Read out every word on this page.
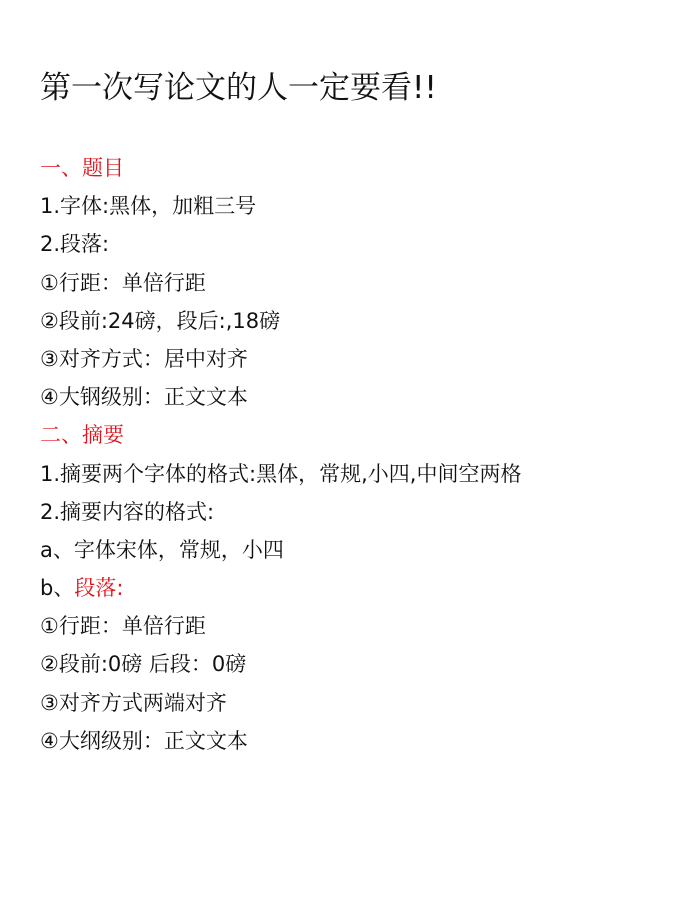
第一次写论文的人一定要看!!
一、题目
1.字体:黑体，加粗三号
2.段落:
①行距：单倍行距
②段前:24磅，段后:,18磅
③对齐方式：居中对齐
④大钢级别：正文文本
二、摘要
1.摘要两个字体的格式:黑体，常规,小四,中间空两格
2.摘要内容的格式:
a、字体宋体，常规，小四
b、段落:
①行距：单倍行距
②段前:0磅 后段：0磅
③对齐方式两端对齐
④大纲级别：正文文本
